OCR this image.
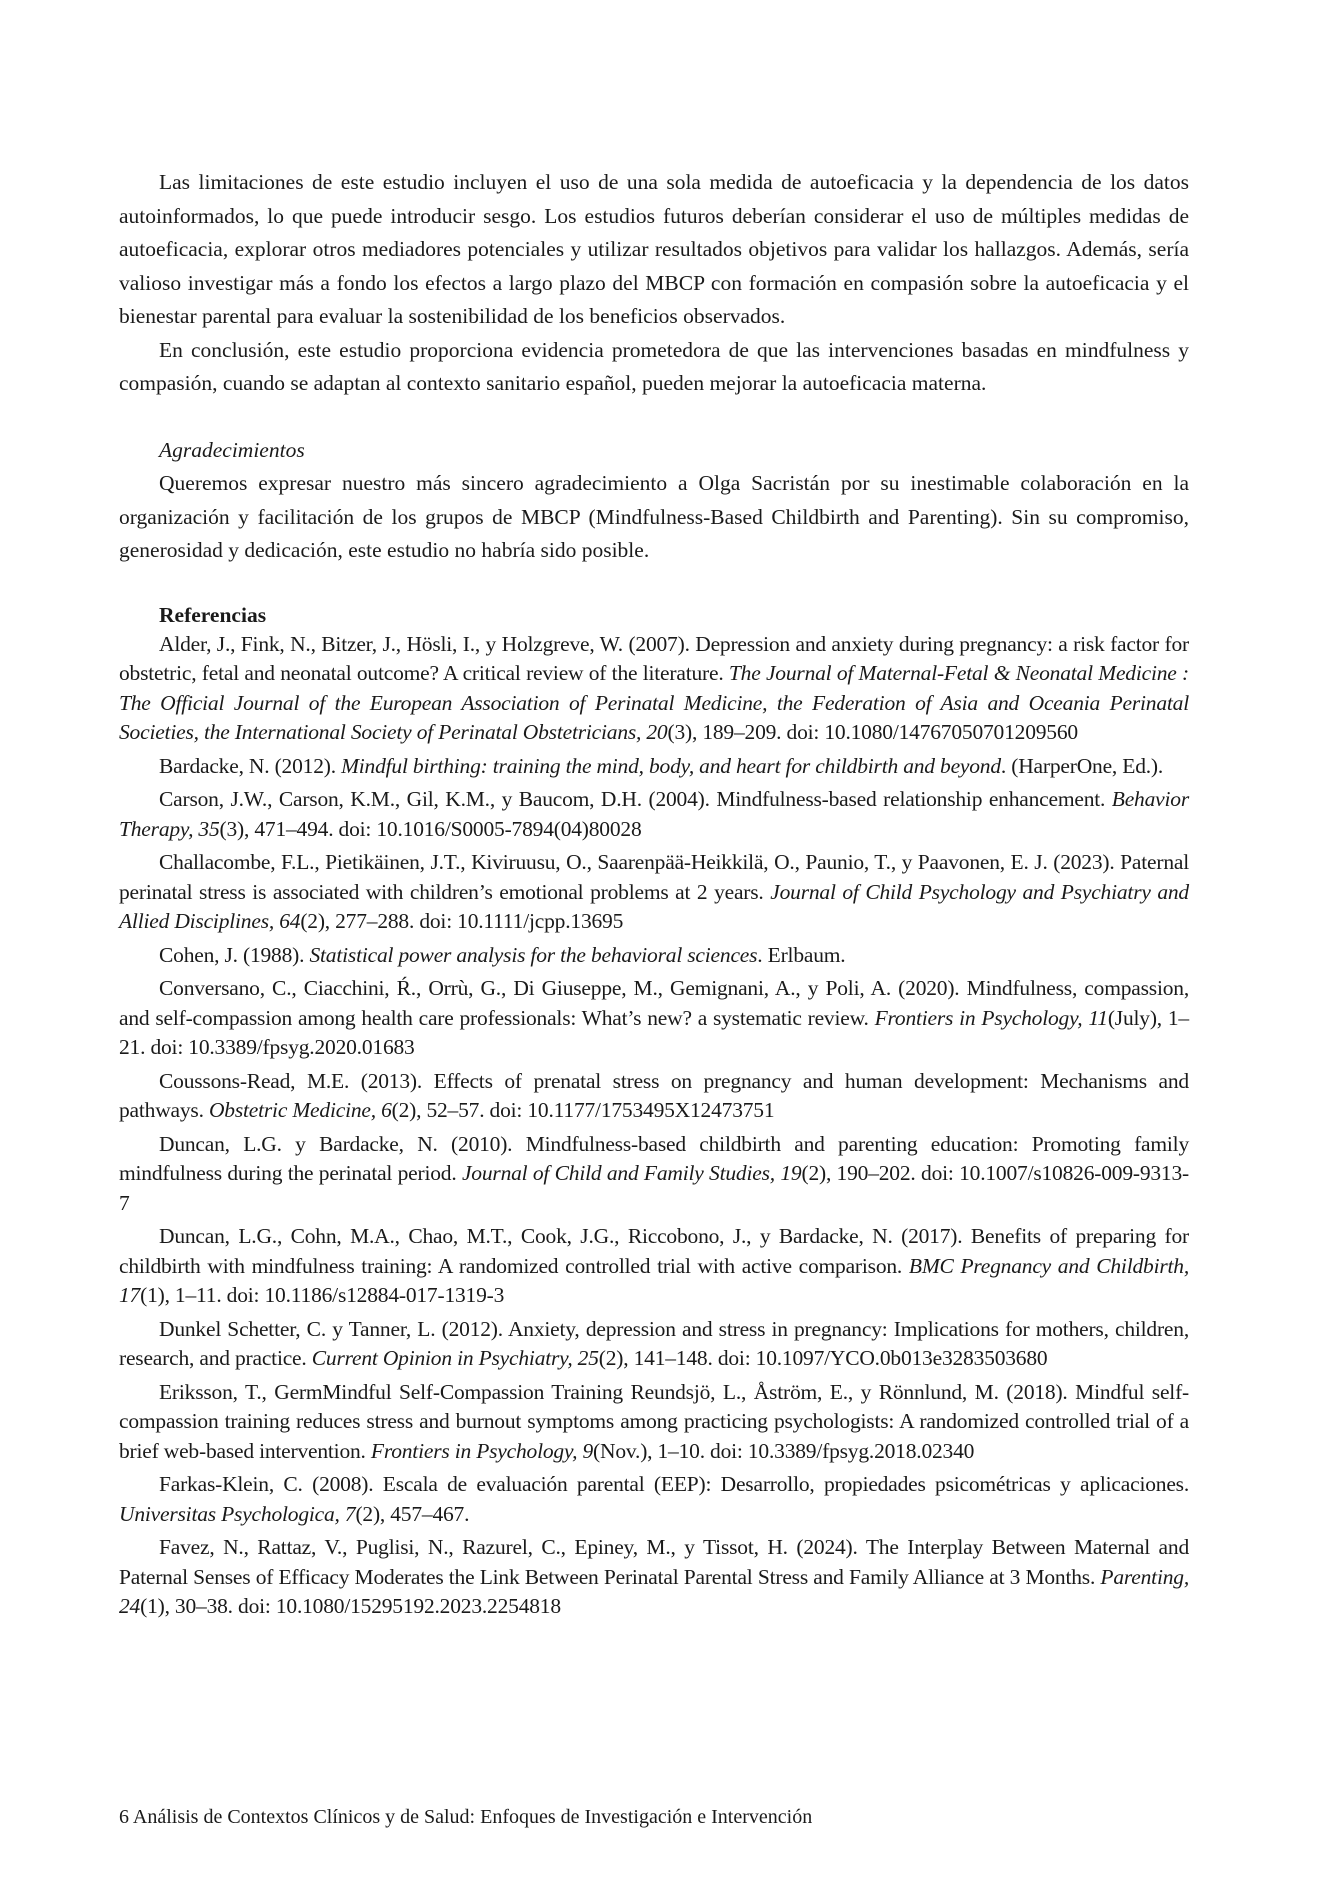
Las limitaciones de este estudio incluyen el uso de una sola medida de autoeficacia y la dependencia de los datos autoinformados, lo que puede introducir sesgo. Los estudios futuros deberían considerar el uso de múltiples medidas de autoeficacia, explorar otros mediadores potenciales y utilizar resultados objetivos para validar los hallazgos. Además, sería valioso investigar más a fondo los efectos a largo plazo del MBCP con formación en compasión sobre la autoeficacia y el bienestar parental para evaluar la sostenibilidad de los beneficios observados.

En conclusión, este estudio proporciona evidencia prometedora de que las intervenciones basadas en mindfulness y compasión, cuando se adaptan al contexto sanitario español, pueden mejorar la autoeficacia materna.

Agradecimientos

Queremos expresar nuestro más sincero agradecimiento a Olga Sacristán por su inestimable colaboración en la organización y facilitación de los grupos de MBCP (Mindfulness-Based Childbirth and Parenting). Sin su compromiso, generosidad y dedicación, este estudio no habría sido posible.

Referencias

Alder, J., Fink, N., Bitzer, J., Hösli, I., y Holzgreve, W. (2007). Depression and anxiety during pregnancy: a risk factor for obstetric, fetal and neonatal outcome? A critical review of the literature. The Journal of Maternal-Fetal & Neonatal Medicine : The Official Journal of the European Association of Perinatal Medicine, the Federation of Asia and Oceania Perinatal Societies, the International Society of Perinatal Obstetricians, 20(3), 189–209. doi: 10.1080/14767050701209560

Bardacke, N. (2012). Mindful birthing: training the mind, body, and heart for childbirth and beyond. (HarperOne, Ed.).

Carson, J.W., Carson, K.M., Gil, K.M., y Baucom, D.H. (2004). Mindfulness-based relationship enhancement. Behavior Therapy, 35(3), 471–494. doi: 10.1016/S0005-7894(04)80028

Challacombe, F.L., Pietikäinen, J.T., Kiviruusu, O., Saarenpää-Heikkilä, O., Paunio, T., y Paavonen, E. J. (2023). Paternal perinatal stress is associated with children’s emotional problems at 2 years. Journal of Child Psychology and Psychiatry and Allied Disciplines, 64(2), 277–288. doi: 10.1111/jcpp.13695

Cohen, J. (1988). Statistical power analysis for the behavioral sciences. Erlbaum.

Conversano, C., Ciacchini, Ŕ., Orrù, G., Di Giuseppe, M., Gemignani, A., y Poli, A. (2020). Mindfulness, compassion, and self-compassion among health care professionals: What’s new? a systematic review. Frontiers in Psychology, 11(July), 1–21. doi: 10.3389/fpsyg.2020.01683

Coussons-Read, M.E. (2013). Effects of prenatal stress on pregnancy and human development: Mechanisms and pathways. Obstetric Medicine, 6(2), 52–57. doi: 10.1177/1753495X12473751

Duncan, L.G. y Bardacke, N. (2010). Mindfulness-based childbirth and parenting education: Promoting family mindfulness during the perinatal period. Journal of Child and Family Studies, 19(2), 190–202. doi: 10.1007/s10826-009-9313-7

Duncan, L.G., Cohn, M.A., Chao, M.T., Cook, J.G., Riccobono, J., y Bardacke, N. (2017). Benefits of preparing for childbirth with mindfulness training: A randomized controlled trial with active comparison. BMC Pregnancy and Childbirth, 17(1), 1–11. doi: 10.1186/s12884-017-1319-3

Dunkel Schetter, C. y Tanner, L. (2012). Anxiety, depression and stress in pregnancy: Implications for mothers, children, research, and practice. Current Opinion in Psychiatry, 25(2), 141–148. doi: 10.1097/YCO.0b013e3283503680

Eriksson, T., GermMindful Self-Compassion Training Reundsjö, L., Åström, E., y Rönnlund, M. (2018). Mindful self-compassion training reduces stress and burnout symptoms among practicing psychologists: A randomized controlled trial of a brief web-based intervention. Frontiers in Psychology, 9(Nov.), 1–10. doi: 10.3389/fpsyg.2018.02340

Farkas-Klein, C. (2008). Escala de evaluación parental (EEP): Desarrollo, propiedades psicométricas y aplicaciones. Universitas Psychologica, 7(2), 457–467.

Favez, N., Rattaz, V., Puglisi, N., Razurel, C., Epiney, M., y Tissot, H. (2024). The Interplay Between Maternal and Paternal Senses of Efficacy Moderates the Link Between Perinatal Parental Stress and Family Alliance at 3 Months. Parenting, 24(1), 30–38. doi: 10.1080/15295192.2023.2254818

6 Análisis de Contextos Clínicos y de Salud: Enfoques de Investigación e Intervención
